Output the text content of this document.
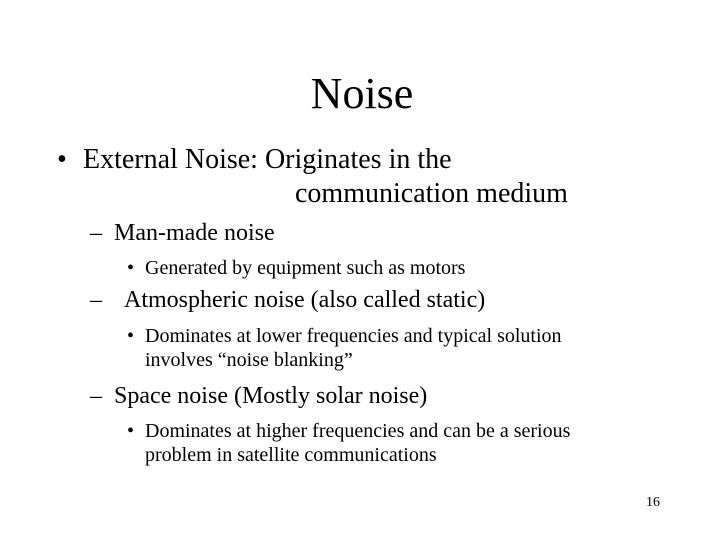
Noise
• External Noise: Originates in the
communication medium
– Man-made noise
• Generated by equipment such as motors
– Atmospheric noise (also called static)
• Dominates at lower frequencies and typical solution
involves “noise blanking”
– Space noise (Mostly solar noise)
• Dominates at higher frequencies and can be a serious
problem in satellite communications
16
